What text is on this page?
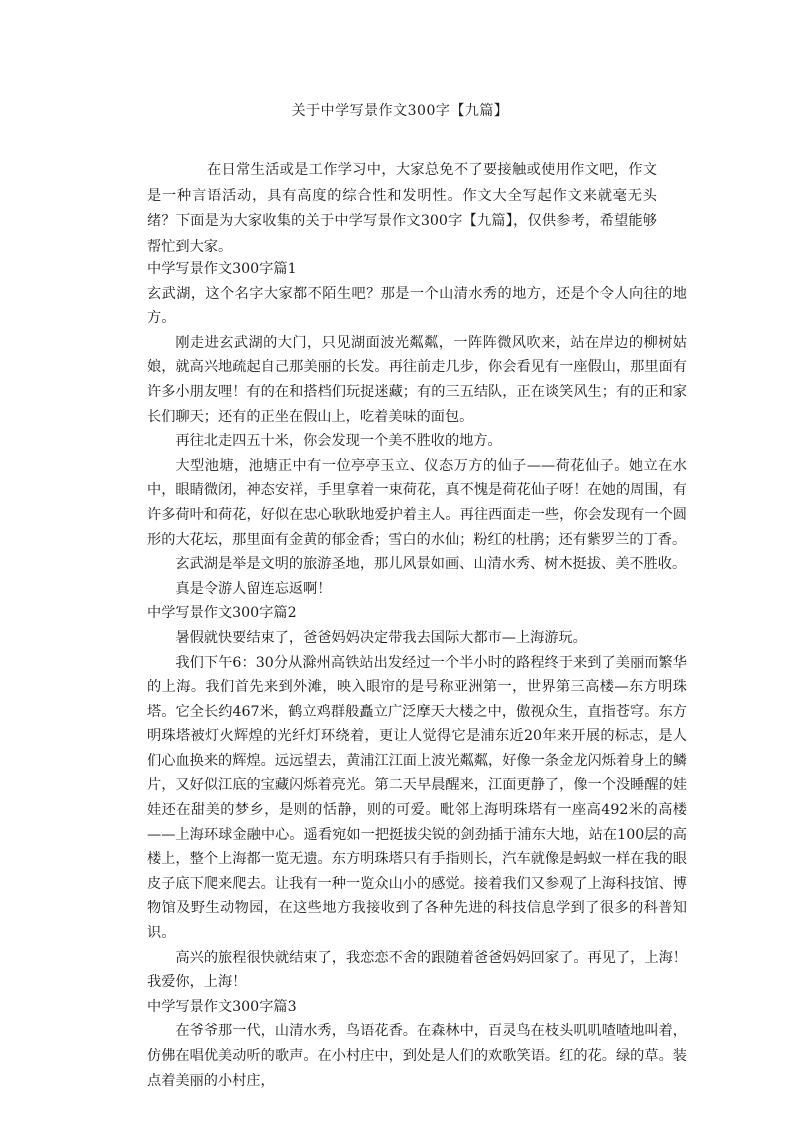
关于中学写景作文300字【九篇】
在日常生活或是工作学习中，大家总免不了要接触或使用作文吧，作文是一种言语活动，具有高度的综合性和发明性。作文大全写起作文来就毫无头绪？下面是为大家收集的关于中学写景作文300字【九篇】，仅供参考，希望能够帮忙到大家。

中学写景作文300字篇1

玄武湖，这个名字大家都不陌生吧？那是一个山清水秀的地方，还是个令人向往的地方。

刚走进玄武湖的大门，只见湖面波光粼粼，一阵阵微风吹来，站在岸边的柳树姑娘，就高兴地疏起自己那美丽的长发。再往前走几步，你会看见有一座假山，那里面有许多小朋友哩！有的在和搭档们玩捉迷藏；有的三五结队，正在谈笑风生；有的正和家长们聊天；还有的正坐在假山上，吃着美味的面包。

再往北走四五十米，你会发现一个美不胜收的地方。

大型池塘，池塘正中有一位亭亭玉立、仪态万方的仙子——荷花仙子。她立在水中，眼睛微闭，神态安祥，手里拿着一束荷花，真不愧是荷花仙子呀！在她的周围，有许多荷叶和荷花，好似在忠心耿耿地爱护着主人。再往西面走一些，你会发现有一个圆形的大花坛，那里面有金黄的郁金香；雪白的水仙；粉红的杜鹃；还有紫罗兰的丁香。

玄武湖是举是文明的旅游圣地，那儿风景如画、山清水秀、树木挺拔、美不胜收。

真是令游人留连忘返啊！

中学写景作文300字篇2

暑假就快要结束了，爸爸妈妈决定带我去国际大都市—上海游玩。

我们下午6：30分从滁州高铁站出发经过一个半小时的路程终于来到了美丽而繁华的上海。我们首先来到外滩，映入眼帘的是号称亚洲第一，世界第三高楼—东方明珠塔。它全长约467米，鹤立鸡群般矗立广泛摩天大楼之中，傲视众生，直指苍穹。东方明珠塔被灯火辉煌的光纤灯环绕着，更让人觉得它是浦东近20年来开展的标志，是人们心血换来的辉煌。远远望去，黄浦江江面上波光粼粼，好像一条金龙闪烁着身上的鳞片，又好似江底的宝藏闪烁着亮光。第二天早晨醒来，江面更静了，像一个没睡醒的娃娃还在甜美的梦乡，是则的恬静，则的可爱。毗邻上海明珠塔有一座高492米的高楼——上海环球金融中心。遥看宛如一把挺拔尖锐的剑劲插于浦东大地，站在100层的高楼上，整个上海都一览无遗。东方明珠塔只有手指则长，汽车就像是蚂蚁一样在我的眼皮子底下爬来爬去。让我有一种一览众山小的感觉。接着我们又参观了上海科技馆、博物馆及野生动物园，在这些地方我接收到了各种先进的科技信息学到了很多的科普知识。

高兴的旅程很快就结束了，我恋恋不舍的跟随着爸爸妈妈回家了。再见了，上海！我爱你，上海！

中学写景作文300字篇3

在爷爷那一代，山清水秀，鸟语花香。在森林中，百灵鸟在枝头叽叽喳喳地叫着，仿佛在唱优美动听的歌声。在小村庄中，到处是人们的欢歌笑语。红的花。绿的草。装点着美丽的小村庄，
